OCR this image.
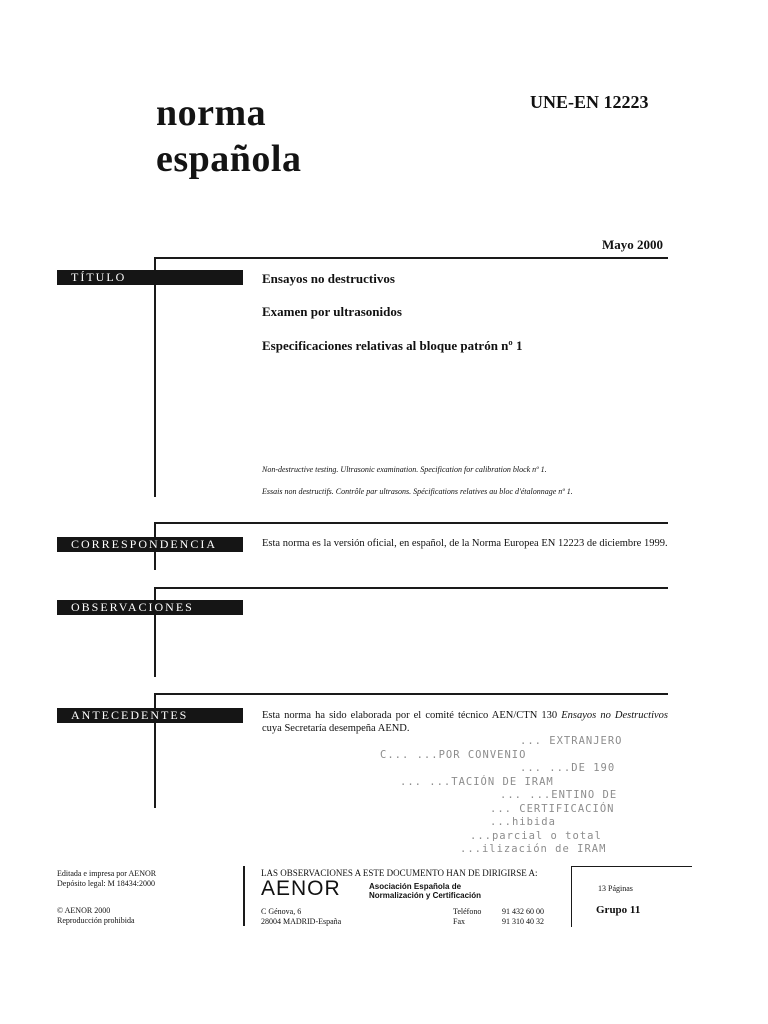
norma
española
UNE-EN 12223
Mayo 2000
TÍTULO	Ensayos no destructivos
Examen por ultrasonidos
Especificaciones relativas al bloque patrón nº 1
Non-destructive testing. Ultrasonic examination. Specification for calibration block nº 1.
Essais non destructifs. Contrôle par ultrasons. Spécifications relatives au bloc d'étalonnage nº 1.
CORRESPONDENCIA	Esta norma es la versión oficial, en español, de la Norma Europea EN 12223 de diciembre 1999.
OBSERVACIONES
ANTECEDENTES	Esta norma ha sido elaborada por el comité técnico AEN/CTN 130 Ensayos no Destructivos cuya Secretaría desempeña AEND.
... EXTRANJERO
C... ...POR CONVENIO
... ...DE 190
... ...TACIÓN DE IRAM
... ...ENTINO DE
... CERTIFICACIÓN
...hibida
...parcial o total
...ilización de IRAM
Editada e impresa por AENOR
Depósito legal: M 18434:2000
© AENOR 2000
Reproducción prohibida
LAS OBSERVACIONES A ESTE DOCUMENTO HAN DE DIRIGIRSE A:
AENOR	Asociación Española de
Normalización y Certificación
C Génova, 6
28004 MADRID-España
Teléfono	91 432 60 00
Fax	91 310 40 32
13 Páginas
Grupo 11
